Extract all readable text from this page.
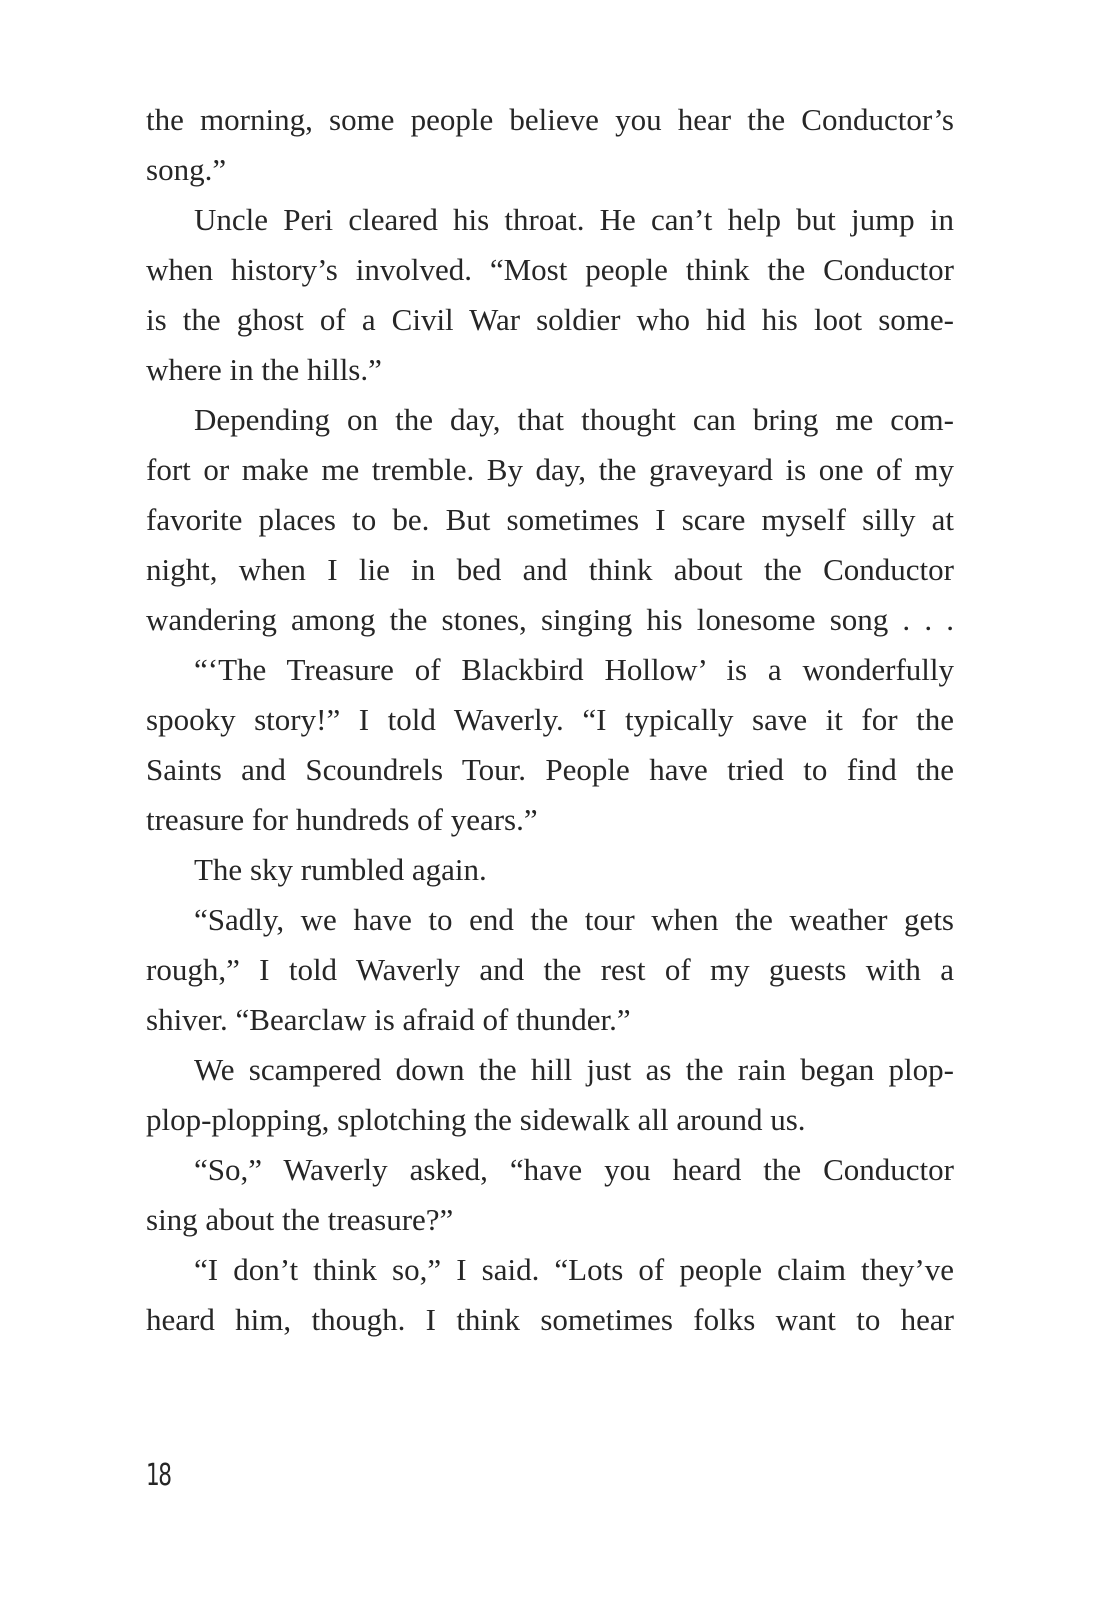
the morning, some people believe you hear the Conductor’s
song.”
Uncle Peri cleared his throat. He can’t help but jump in
when history’s involved. “Most people think the Conductor
is the ghost of a Civil War soldier who hid his loot some-
where in the hills.”
Depending on the day, that thought can bring me com-
fort or make me tremble. By day, the graveyard is one of my
favorite places to be. But sometimes I scare myself silly at
night, when I lie in bed and think about the Conductor
wandering among the stones, singing his lonesome song . . .
“‘The Treasure of Blackbird Hollow’ is a wonderfully
spooky story!” I told Waverly. “I typically save it for the
Saints and Scoundrels Tour. People have tried to find the
treasure for hundreds of years.”
The sky rumbled again.
“Sadly, we have to end the tour when the weather gets
rough,” I told Waverly and the rest of my guests with a
shiver. “Bearclaw is afraid of thunder.”
We scampered down the hill just as the rain began plop-
plop-plopping, splotching the sidewalk all around us.
“So,” Waverly asked, “have you heard the Conductor
sing about the treasure?”
“I don’t think so,” I said. “Lots of people claim they’ve
heard him, though. I think sometimes folks want to hear
18
